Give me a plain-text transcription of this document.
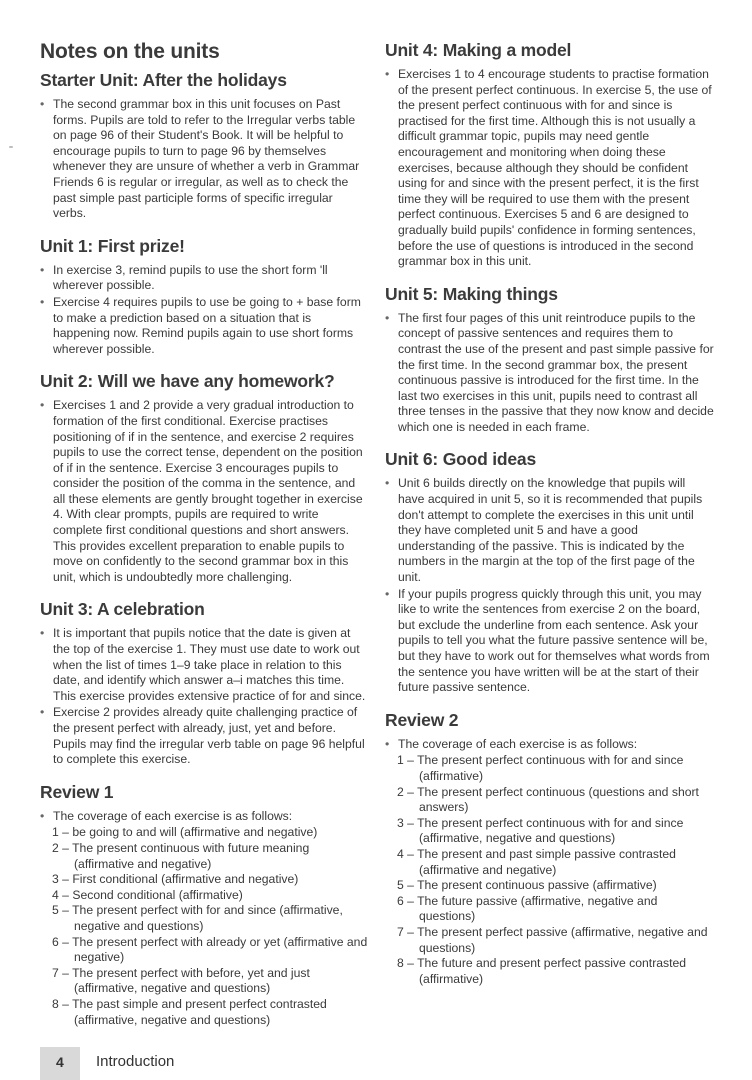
Notes on the units
Starter Unit: After the holidays
• The second grammar box in this unit focuses on Past forms. Pupils are told to refer to the Irregular verbs table on page 96 of their Student's Book. It will be helpful to encourage pupils to turn to page 96 by themselves whenever they are unsure of whether a verb in Grammar Friends 6 is regular or irregular, as well as to check the past simple past participle forms of specific irregular verbs.
Unit 1: First prize!
• In exercise 3, remind pupils to use the short form 'll wherever possible.
• Exercise 4 requires pupils to use be going to + base form to make a prediction based on a situation that is happening now. Remind pupils again to use short forms wherever possible.
Unit 2: Will we have any homework?
• Exercises 1 and 2 provide a very gradual introduction to formation of the first conditional. Exercise practises positioning of if in the sentence, and exercise 2 requires pupils to use the correct tense, dependent on the position of if in the sentence. Exercise 3 encourages pupils to consider the position of the comma in the sentence, and all these elements are gently brought together in exercise 4. With clear prompts, pupils are required to write complete first conditional questions and short answers. This provides excellent preparation to enable pupils to move on confidently to the second grammar box in this unit, which is undoubtedly more challenging.
Unit 3: A celebration
• It is important that pupils notice that the date is given at the top of the exercise 1. They must use date to work out when the list of times 1–9 take place in relation to this date, and identify which answer a–i matches this time. This exercise provides extensive practice of for and since.
• Exercise 2 provides already quite challenging practice of the present perfect with already, just, yet and before. Pupils may find the irregular verb table on page 96 helpful to complete this exercise.
Review 1
• The coverage of each exercise is as follows:
1 – be going to and will (affirmative and negative)
2 – The present continuous with future meaning (affirmative and negative)
3 – First conditional (affirmative and negative)
4 – Second conditional (affirmative)
5 – The present perfect with for and since (affirmative, negative and questions)
6 – The present perfect with already or yet (affirmative and negative)
7 – The present perfect with before, yet and just (affirmative, negative and questions)
8 – The past simple and present perfect contrasted (affirmative, negative and questions)
Unit 4: Making a model
• Exercises 1 to 4 encourage students to practise formation of the present perfect continuous. In exercise 5, the use of the present perfect continuous with for and since is practised for the first time. Although this is not usually a difficult grammar topic, pupils may need gentle encouragement and monitoring when doing these exercises, because although they should be confident using for and since with the present perfect, it is the first time they will be required to use them with the present perfect continuous. Exercises 5 and 6 are designed to gradually build pupils' confidence in forming sentences, before the use of questions is introduced in the second grammar box in this unit.
Unit 5: Making things
• The first four pages of this unit reintroduce pupils to the concept of passive sentences and requires them to contrast the use of the present and past simple passive for the first time. In the second grammar box, the present continuous passive is introduced for the first time. In the last two exercises in this unit, pupils need to contrast all three tenses in the passive that they now know and decide which one is needed in each frame.
Unit 6: Good ideas
• Unit 6 builds directly on the knowledge that pupils will have acquired in unit 5, so it is recommended that pupils don't attempt to complete the exercises in this unit until they have completed unit 5 and have a good understanding of the passive. This is indicated by the numbers in the margin at the top of the first page of the unit.
• If your pupils progress quickly through this unit, you may like to write the sentences from exercise 2 on the board, but exclude the underline from each sentence. Ask your pupils to tell you what the future passive sentence will be, but they have to work out for themselves what words from the sentence you have written will be at the start of their future passive sentence.
Review 2
• The coverage of each exercise is as follows:
1 – The present perfect continuous with for and since (affirmative)
2 – The present perfect continuous (questions and short answers)
3 – The present perfect continuous with for and since (affirmative, negative and questions)
4 – The present and past simple passive contrasted (affirmative and negative)
5 – The present continuous passive (affirmative)
6 – The future passive (affirmative, negative and questions)
7 – The present perfect passive (affirmative, negative and questions)
8 – The future and present perfect passive contrasted (affirmative)
4 Introduction
